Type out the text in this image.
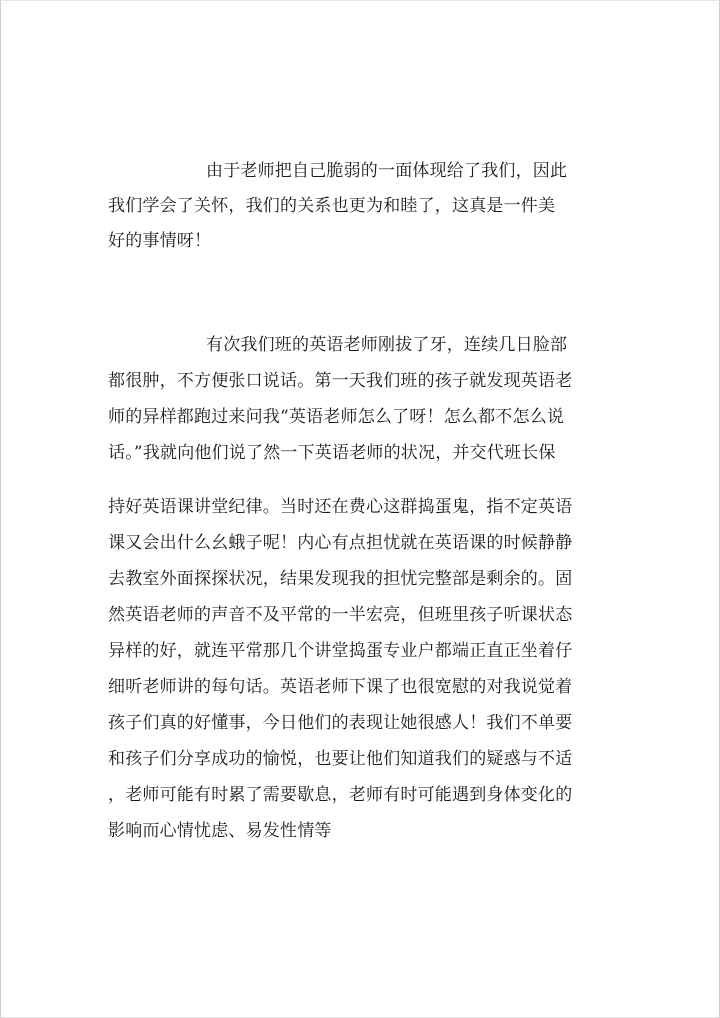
由于老师把自己脆弱的一面体现给了我们，因此
我们学会了关怀，我们的关系也更为和睦了，这真是一件美
好的事情呀！
有次我们班的英语老师刚拔了牙，连续几日脸部
都很肿，不方便张口说话。第一天我们班的孩子就发现英语老
师的异样都跑过来问我“英语老师怎么了呀！怎么都不怎么说
话。”我就向他们说了然一下英语老师的状况，并交代班长保
持好英语课讲堂纪律。当时还在费心这群捣蛋鬼，指不定英语
课又会出什么幺蛾子呢！内心有点担忧就在英语课的时候静静
去教室外面探探状况，结果发现我的担忧完整部是剩余的。固
然英语老师的声音不及平常的一半宏亮，但班里孩子听课状态
异样的好，就连平常那几个讲堂捣蛋专业户都端正直正坐着仔
细听老师讲的每句话。英语老师下课了也很宽慰的对我说觉着
孩子们真的好懂事，今日他们的表现让她很感人！我们不单要
和孩子们分享成功的愉悦，也要让他们知道我们的疑惑与不适
，老师可能有时累了需要歇息，老师有时可能遇到身体变化的
影响而心情忧虑、易发性情等
